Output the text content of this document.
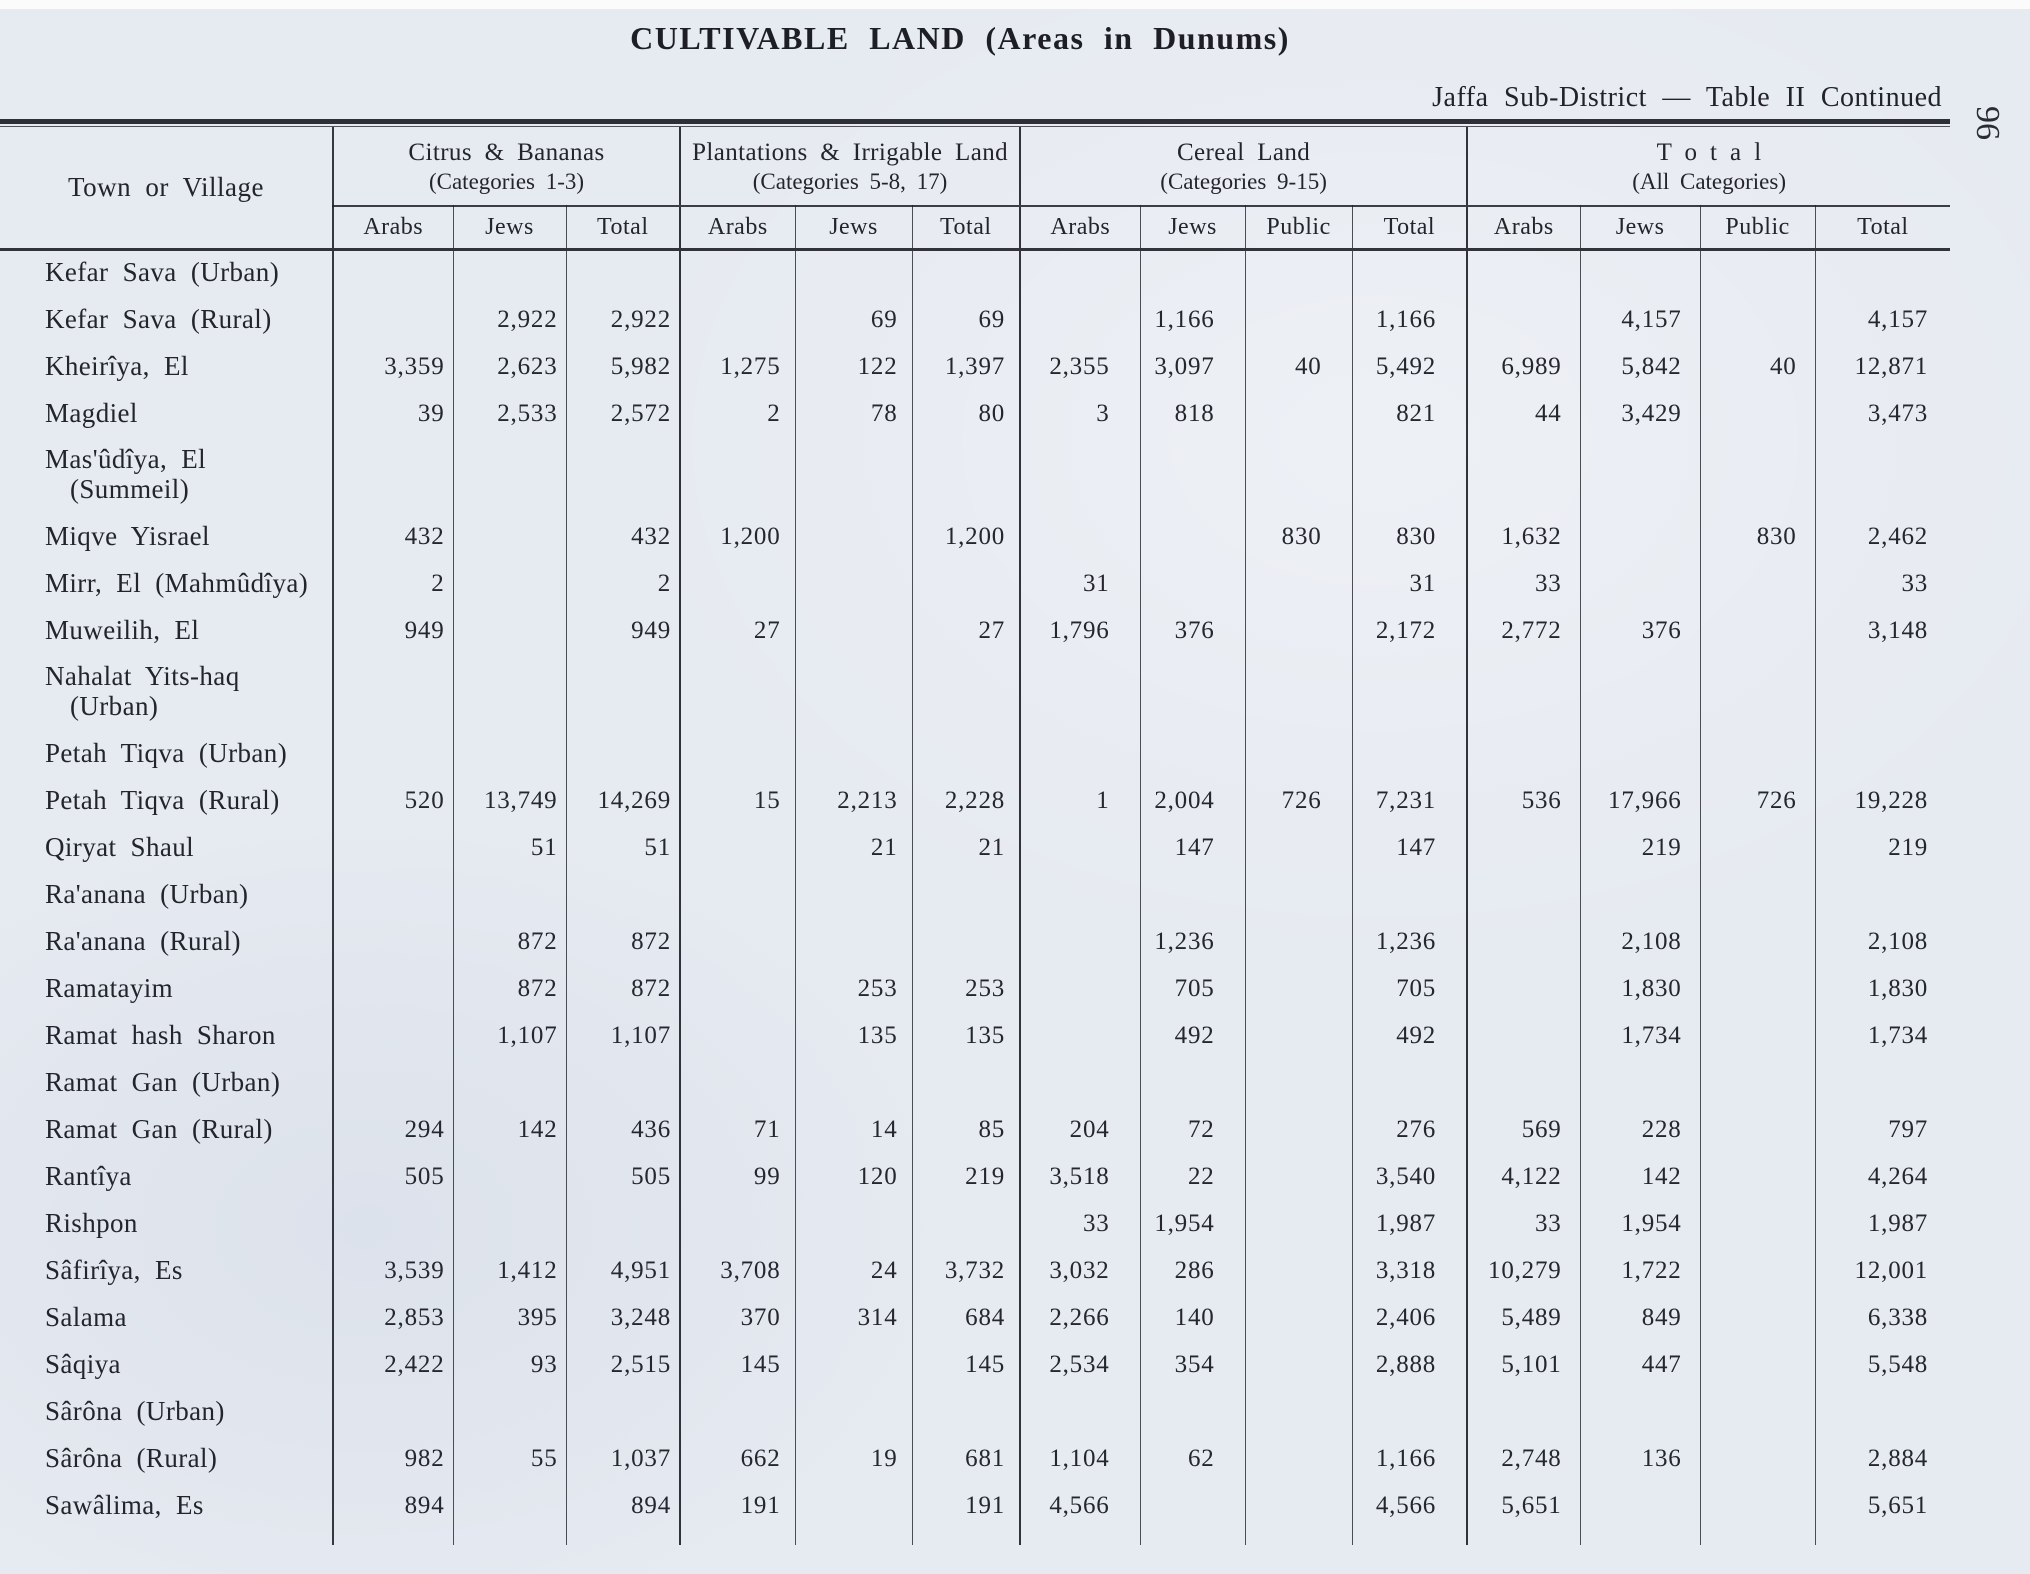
CULTIVABLE LAND (Areas in Dunums)
Jaffa Sub-District — Table II Continued
96
Town or Village	
Citrus & Bananas
(Categories 1-3)

Plantations & Irrigable Land
(Categories 5-8, 17)

Cereal Land
(Categories 9-15)

T o t a l
(All Categories)

	Arabs	Jews	Total	Arabs	Jews	Total	Arabs	Jews	Public	Total	Arabs	Jews	Public	Total

Kefar Sava (Urban)														

Kefar Sava (Rural)		2,922	2,922		69	69		1,166		1,166		4,157		4,157

Kheirîya, El	3,359	2,623	5,982	1,275	122	1,397	2,355	3,097	40	5,492	6,989	5,842	40	12,871

Magdiel	39	2,533	2,572	2	78	80	3	818		821	44	3,429		3,473

Mas'ûdîya, El
(Summeil)														

Miqve Yisrael	432		432	1,200		1,200			830	830	1,632		830	2,462

Mirr, El (Mahmûdîya)	2		2				31			31	33			33

Muweilih, El	949		949	27		27	1,796	376		2,172	2,772	376		3,148

Nahalat Yits-haq
(Urban)														

Petah Tiqva (Urban)														

Petah Tiqva (Rural)	520	13,749	14,269	15	2,213	2,228	1	2,004	726	7,231	536	17,966	726	19,228

Qiryat Shaul		51	51		21	21		147		147		219		219

Ra'anana (Urban)														

Ra'anana (Rural)		872	872					1,236		1,236		2,108		2,108

Ramatayim		872	872		253	253		705		705		1,830		1,830

Ramat hash Sharon		1,107	1,107		135	135		492		492		1,734		1,734

Ramat Gan (Urban)														

Ramat Gan (Rural)	294	142	436	71	14	85	204	72		276	569	228		797

Rantîya	505		505	99	120	219	3,518	22		3,540	4,122	142		4,264

Rishpon							33	1,954		1,987	33	1,954		1,987

Sâfirîya, Es	3,539	1,412	4,951	3,708	24	3,732	3,032	286		3,318	10,279	1,722		12,001

Salama	2,853	395	3,248	370	314	684	2,266	140		2,406	5,489	849		6,338

Sâqiya	2,422	93	2,515	145		145	2,534	354		2,888	5,101	447		5,548

Sârôna (Urban)														

Sârôna (Rural)	982	55	1,037	662	19	681	1,104	62		1,166	2,748	136		2,884

Sawâlima, Es	894		894	191		191	4,566			4,566	5,651			5,651
